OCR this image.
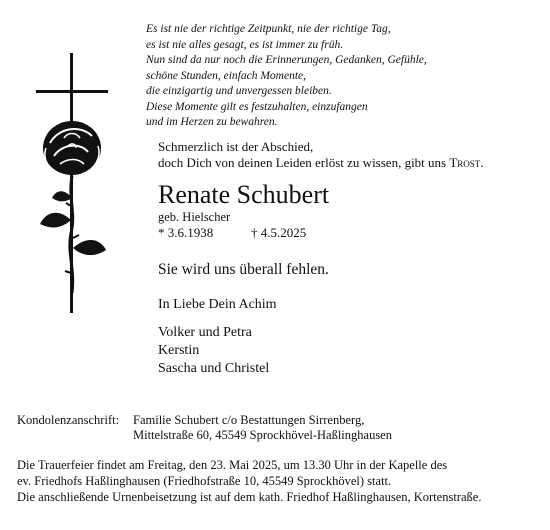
Es ist nie der richtige Zeitpunkt, nie der richtige Tag,
es ist nie alles gesagt, es ist immer zu früh.
Nun sind da nur noch die Erinnerungen, Gedanken, Gefühle,
schöne Stunden, einfach Momente,
die einzigartig und unvergessen bleiben.
Diese Momente gilt es festzuhalten, einzufangen
und im Herzen zu bewahren.
Schmerzlich ist der Abschied,
doch Dich von deinen Leiden erlöst zu wissen, gibt uns Trost.
Renate Schubert
geb. Hielscher
* 3.6.1938	† 4.5.2025
Sie wird uns überall fehlen.
In Liebe Dein Achim
Volker und Petra
Kerstin
Sascha und Christel
Kondolenzanschrift: Familie Schubert c/o Bestattungen Sirrenberg,
Mittelstraße 60, 45549 Sprockhövel-Haßlinghausen
Die Trauerfeier findet am Freitag, den 23. Mai 2025, um 13.30 Uhr in der Kapelle des
ev. Friedhofs Haßlinghausen (Friedhofstraße 10, 45549 Sprockhövel) statt.
Die anschließende Urnenbeisetzung ist auf dem kath. Friedhof Haßlinghausen, Kortenstraße.
